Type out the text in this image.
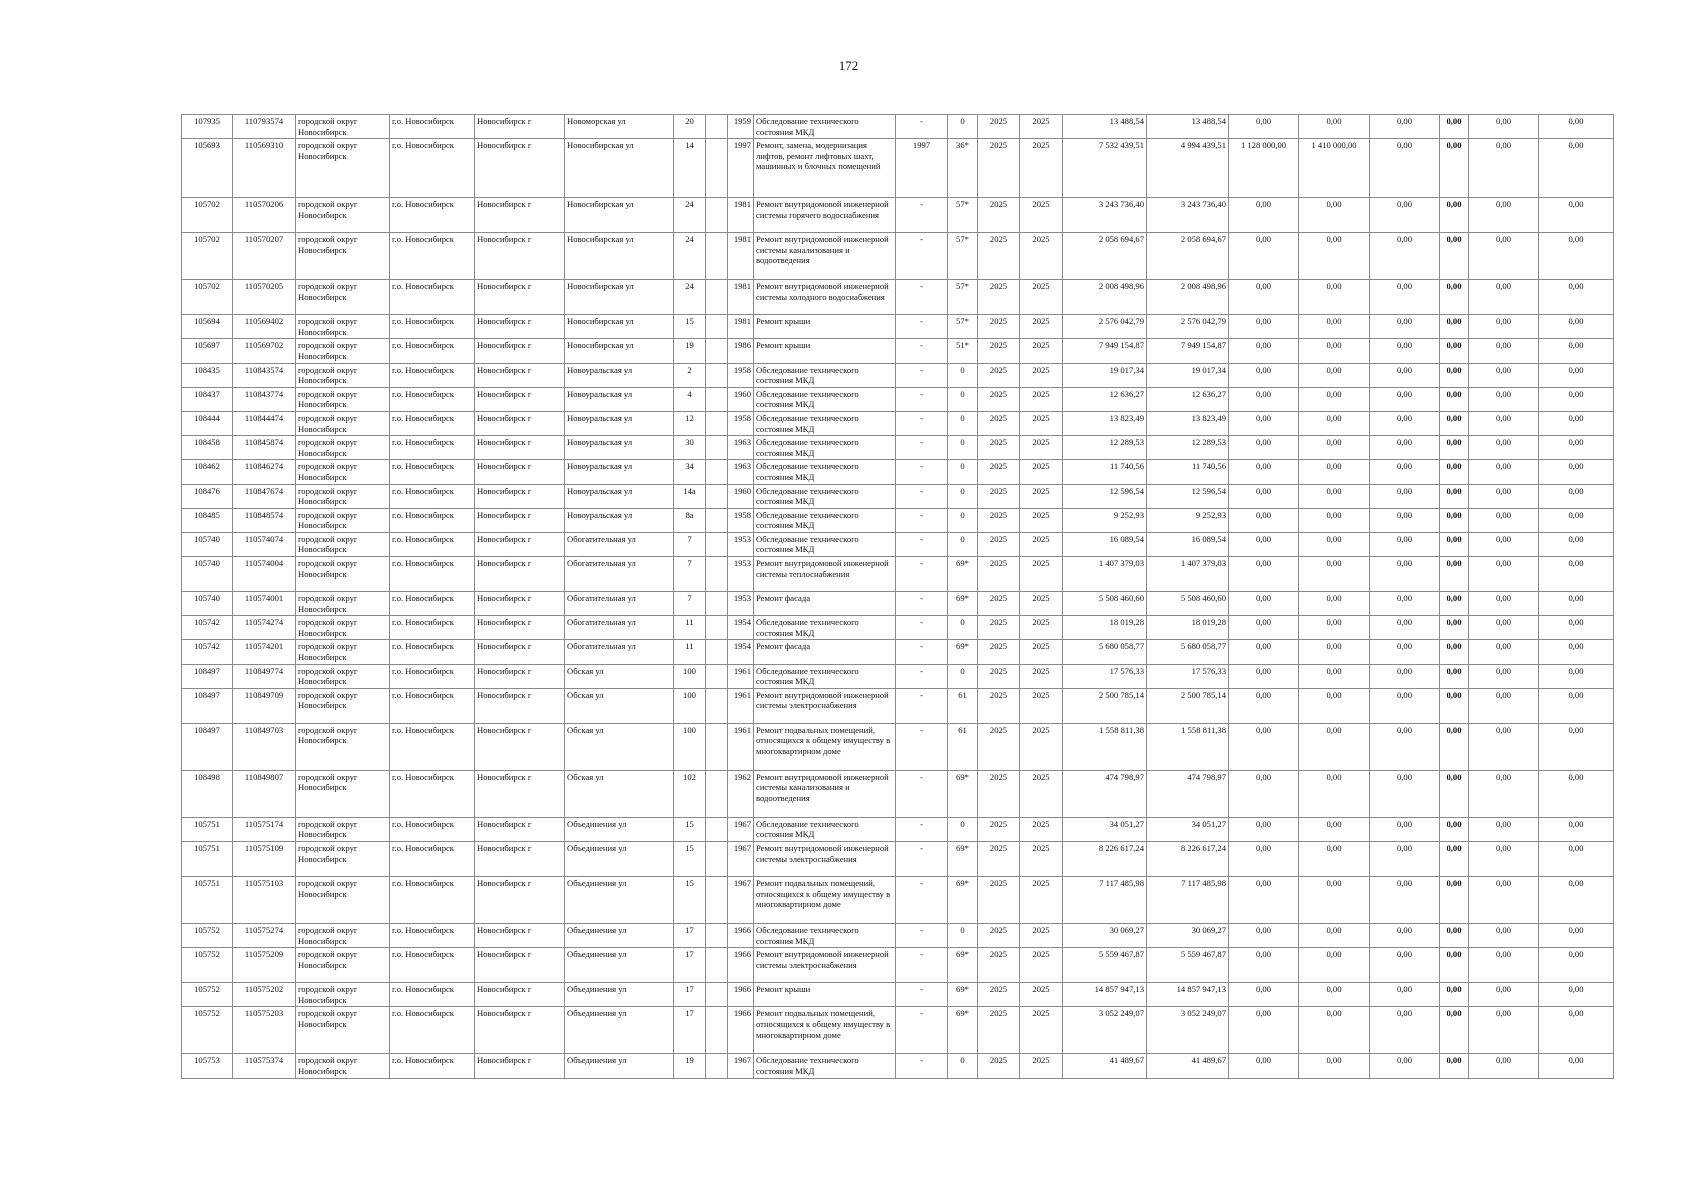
172
107935	110793574	городской округ Новосибирск	г.о. Новосибирск	Новосибирск г	Новоморская ул	20		1959	Обследование технического состояния МКД	-	0	2025	2025	13 488,54	13 488,54	0,00	0,00	0,00	0,00	0,00	0,00
105693	110569310	городской округ Новосибирск	г.о. Новосибирск	Новосибирск г	Новосибирская ул	14		1997	Ремонт, замена, модернизация лифтов, ремонт лифтовых шахт, машинных и блочных помещений	1997	36*	2025	2025	7 532 439,51	4 994 439,51	1 128 000,00	1 410 000,00	0,00	0,00	0,00	0,00
105702	110570206	городской округ Новосибирск	г.о. Новосибирск	Новосибирск г	Новосибирская ул	24		1981	Ремонт внутридомовой инженерной системы горячего водоснабжения	-	57*	2025	2025	3 243 736,40	3 243 736,40	0,00	0,00	0,00	0,00	0,00	0,00
105702	110570207	городской округ Новосибирск	г.о. Новосибирск	Новосибирск г	Новосибирская ул	24		1981	Ремонт внутридомовой инженерной системы канализования и водоотведения	-	57*	2025	2025	2 058 694,67	2 058 694,67	0,00	0,00	0,00	0,00	0,00	0,00
105702	110570205	городской округ Новосибирск	г.о. Новосибирск	Новосибирск г	Новосибирская ул	24		1981	Ремонт внутридомовой инженерной системы холодного водоснабжения	-	57*	2025	2025	2 008 498,96	2 008 498,96	0,00	0,00	0,00	0,00	0,00	0,00
105694	110569402	городской округ Новосибирск	г.о. Новосибирск	Новосибирск г	Новосибирская ул	15		1981	Ремонт крыши	-	57*	2025	2025	2 576 042,79	2 576 042,79	0,00	0,00	0,00	0,00	0,00	0,00
105697	110569702	городской округ Новосибирск	г.о. Новосибирск	Новосибирск г	Новосибирская ул	19		1986	Ремонт крыши	-	51*	2025	2025	7 949 154,87	7 949 154,87	0,00	0,00	0,00	0,00	0,00	0,00
108435	110843574	городской округ Новосибирск	г.о. Новосибирск	Новосибирск г	Новоуральская ул	2		1958	Обследование технического состояния МКД	-	0	2025	2025	19 017,34	19 017,34	0,00	0,00	0,00	0,00	0,00	0,00
108437	110843774	городской округ Новосибирск	г.о. Новосибирск	Новосибирск г	Новоуральская ул	4		1960	Обследование технического состояния МКД	-	0	2025	2025	12 636,27	12 636,27	0,00	0,00	0,00	0,00	0,00	0,00
108444	110844474	городской округ Новосибирск	г.о. Новосибирск	Новосибирск г	Новоуральская ул	12		1958	Обследование технического состояния МКД	-	0	2025	2025	13 823,49	13 823,49	0,00	0,00	0,00	0,00	0,00	0,00
108458	110845874	городской округ Новосибирск	г.о. Новосибирск	Новосибирск г	Новоуральская ул	30		1963	Обследование технического состояния МКД	-	0	2025	2025	12 289,53	12 289,53	0,00	0,00	0,00	0,00	0,00	0,00
108462	110846274	городской округ Новосибирск	г.о. Новосибирск	Новосибирск г	Новоуральская ул	34		1963	Обследование технического состояния МКД	-	0	2025	2025	11 740,56	11 740,56	0,00	0,00	0,00	0,00	0,00	0,00
108476	110847674	городской округ Новосибирск	г.о. Новосибирск	Новосибирск г	Новоуральская ул	14а		1960	Обследование технического состояния МКД	-	0	2025	2025	12 596,54	12 596,54	0,00	0,00	0,00	0,00	0,00	0,00
108485	110848574	городской округ Новосибирск	г.о. Новосибирск	Новосибирск г	Новоуральская ул	8а		1958	Обследование технического состояния МКД	-	0	2025	2025	9 252,93	9 252,93	0,00	0,00	0,00	0,00	0,00	0,00
105740	110574074	городской округ Новосибирск	г.о. Новосибирск	Новосибирск г	Обогатительная ул	7		1953	Обследование технического состояния МКД	-	0	2025	2025	16 089,54	16 089,54	0,00	0,00	0,00	0,00	0,00	0,00
105740	110574004	городской округ Новосибирск	г.о. Новосибирск	Новосибирск г	Обогатительная ул	7		1953	Ремонт внутридомовой инженерной системы теплоснабжения	-	69*	2025	2025	1 407 379,03	1 407 379,03	0,00	0,00	0,00	0,00	0,00	0,00
105740	110574001	городской округ Новосибирск	г.о. Новосибирск	Новосибирск г	Обогатительная ул	7		1953	Ремонт фасада	-	69*	2025	2025	5 508 460,60	5 508 460,60	0,00	0,00	0,00	0,00	0,00	0,00
105742	110574274	городской округ Новосибирск	г.о. Новосибирск	Новосибирск г	Обогатительная ул	11		1954	Обследование технического состояния МКД	-	0	2025	2025	18 019,28	18 019,28	0,00	0,00	0,00	0,00	0,00	0,00
105742	110574201	городской округ Новосибирск	г.о. Новосибирск	Новосибирск г	Обогатительная ул	11		1954	Ремонт фасада	-	69*	2025	2025	5 680 058,77	5 680 058,77	0,00	0,00	0,00	0,00	0,00	0,00
108497	110849774	городской округ Новосибирск	г.о. Новосибирск	Новосибирск г	Обская ул	100		1961	Обследование технического состояния МКД	-	0	2025	2025	17 576,33	17 576,33	0,00	0,00	0,00	0,00	0,00	0,00
108497	110849709	городской округ Новосибирск	г.о. Новосибирск	Новосибирск г	Обская ул	100		1961	Ремонт внутридомовой инженерной системы электроснабжения	-	61	2025	2025	2 500 785,14	2 500 785,14	0,00	0,00	0,00	0,00	0,00	0,00
108497	110849703	городской округ Новосибирск	г.о. Новосибирск	Новосибирск г	Обская ул	100		1961	Ремонт подвальных помещений, относящихся к общему имуществу в многоквартирном доме	-	61	2025	2025	1 558 811,38	1 558 811,38	0,00	0,00	0,00	0,00	0,00	0,00
108498	110849807	городской округ Новосибирск	г.о. Новосибирск	Новосибирск г	Обская ул	102		1962	Ремонт внутридомовой инженерной системы канализования и водоотведения	-	69*	2025	2025	474 798,97	474 798,97	0,00	0,00	0,00	0,00	0,00	0,00
105751	110575174	городской округ Новосибирск	г.о. Новосибирск	Новосибирск г	Объединения ул	15		1967	Обследование технического состояния МКД	-	0	2025	2025	34 051,27	34 051,27	0,00	0,00	0,00	0,00	0,00	0,00
105751	110575109	городской округ Новосибирск	г.о. Новосибирск	Новосибирск г	Объединения ул	15		1967	Ремонт внутридомовой инженерной системы электроснабжения	-	69*	2025	2025	8 226 617,24	8 226 617,24	0,00	0,00	0,00	0,00	0,00	0,00
105751	110575103	городской округ Новосибирск	г.о. Новосибирск	Новосибирск г	Объединения ул	15		1967	Ремонт подвальных помещений, относящихся к общему имуществу в многоквартирном доме	-	69*	2025	2025	7 117 485,98	7 117 485,98	0,00	0,00	0,00	0,00	0,00	0,00
105752	110575274	городской округ Новосибирск	г.о. Новосибирск	Новосибирск г	Объединения ул	17		1966	Обследование технического состояния МКД	-	0	2025	2025	30 069,27	30 069,27	0,00	0,00	0,00	0,00	0,00	0,00
105752	110575209	городской округ Новосибирск	г.о. Новосибирск	Новосибирск г	Объединения ул	17		1966	Ремонт внутридомовой инженерной системы электроснабжения	-	69*	2025	2025	5 559 467,87	5 559 467,87	0,00	0,00	0,00	0,00	0,00	0,00
105752	110575202	городской округ Новосибирск	г.о. Новосибирск	Новосибирск г	Объединения ул	17		1966	Ремонт крыши	-	69*	2025	2025	14 857 947,13	14 857 947,13	0,00	0,00	0,00	0,00	0,00	0,00
105752	110575203	городской округ Новосибирск	г.о. Новосибирск	Новосибирск г	Объединения ул	17		1966	Ремонт подвальных помещений, относящихся к общему имуществу в многоквартирном доме	-	69*	2025	2025	3 052 249,07	3 052 249,07	0,00	0,00	0,00	0,00	0,00	0,00
105753	110575374	городской округ Новосибирск	г.о. Новосибирск	Новосибирск г	Объединения ул	19		1967	Обследование технического состояния МКД	-	0	2025	2025	41 489,67	41 489,67	0,00	0,00	0,00	0,00	0,00	0,00
